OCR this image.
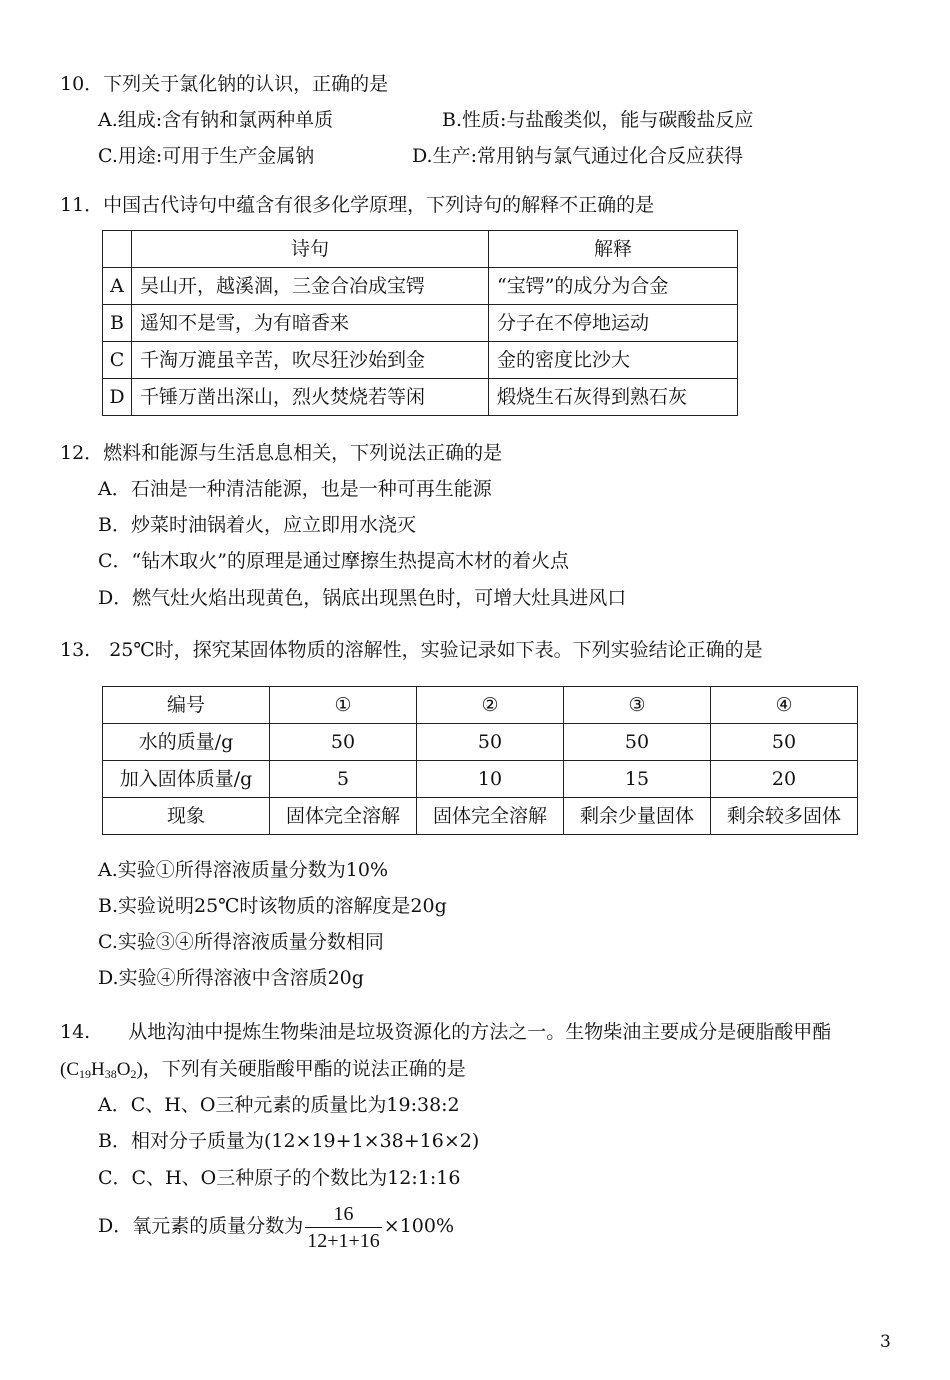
10．下列关于氯化钠的认识，正确的是
A.组成:含有钠和氯两种单质	B.性质:与盐酸类似，能与碳酸盐反应
C.用途:可用于生产金属钠	D.生产:常用钠与氯气通过化合反应获得
11．中国古代诗句中蕴含有很多化学原理，下列诗句的解释不正确的是
	诗句	解释
A	吴山开，越溪涸，三金合冶成宝锷	“宝锷”的成分为合金
B	遥知不是雪，为有暗香来	分子在不停地运动
C	千淘万漉虽辛苦，吹尽狂沙始到金	金的密度比沙大
D	千锤万凿出深山，烈火焚烧若等闲	煅烧生石灰得到熟石灰
12．燃料和能源与生活息息相关，下列说法正确的是
A．石油是一种清洁能源，也是一种可再生能源
B．炒菜时油锅着火，应立即用水浇灭
C．“钻木取火”的原理是通过摩擦生热提高木材的着火点
D．燃气灶火焰出现黄色，锅底出现黑色时，可增大灶具进风口
13.　25℃时，探究某固体物质的溶解性，实验记录如下表。下列实验结论正确的是
编号	①	②	③	④
水的质量/g	50	50	50	50
加入固体质量/g	5	10	15	20
现象	固体完全溶解	固体完全溶解	剩余少量固体	剩余较多固体
A.实验①所得溶液质量分数为10%
B.实验说明25℃时该物质的溶解度是20g
C.实验③④所得溶液质量分数相同
D.实验④所得溶液中含溶质20g
14.　　从地沟油中提炼生物柴油是垃圾资源化的方法之一。生物柴油主要成分是硬脂酸甲酯
$(C_{19}H_{38}O_2)$，下列有关硬脂酸甲酯的说法正确的是
A．C、H、O三种元素的质量比为19:38:2
B．相对分子质量为(12×19+1×38+16×2)
C．C、H、O三种原子的个数比为12:1:16
D．氧元素的质量分数为 $\frac{16}{12+1+16} \times 100\%$
3
